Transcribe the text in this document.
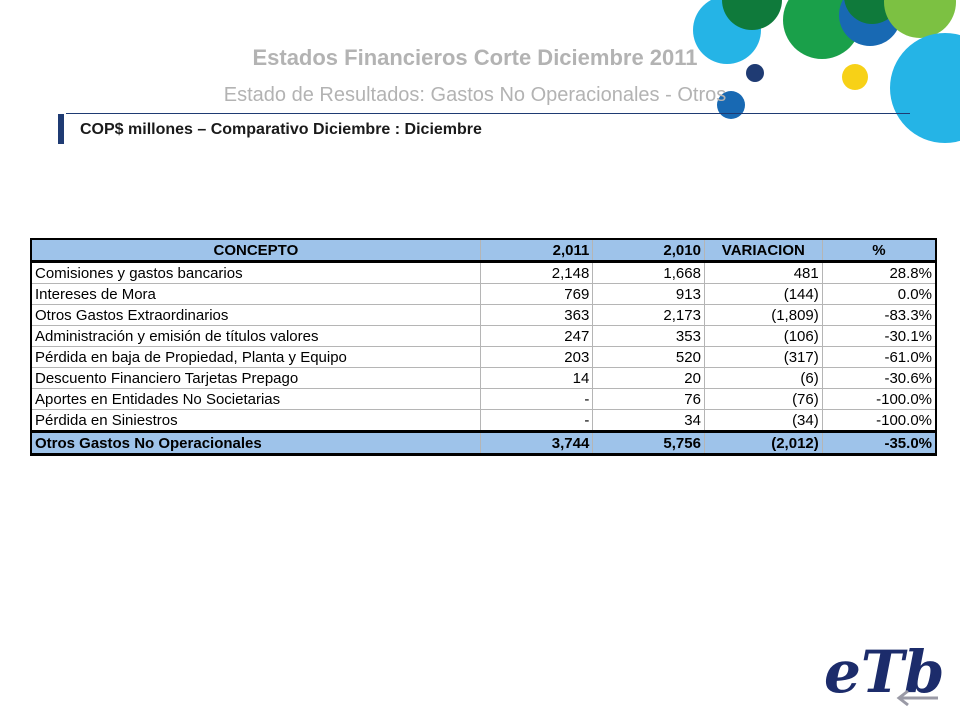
Estados Financieros Corte Diciembre 2011
Estado de Resultados: Gastos No Operacionales - Otros
COP$ millones – Comparativo Diciembre : Diciembre
CONCEPTO	2,011	2,010	VARIACION	%
Comisiones y gastos bancarios	2,148	1,668	481	28.8%
Intereses de Mora	769	913	(144)	0.0%
Otros Gastos Extraordinarios	363	2,173	(1,809)	-83.3%
Administración y emisión de títulos valores	247	353	(106)	-30.1%
Pérdida en baja de Propiedad, Planta y Equipo	203	520	(317)	-61.0%
Descuento Financiero Tarjetas Prepago	14	20	(6)	-30.6%
Aportes en Entidades No Societarias	-	76	(76)	-100.0%
Pérdida en Siniestros	-	34	(34)	-100.0%
Otros Gastos No Operacionales	3,744	5,756	(2,012)	-35.0%
eTb
